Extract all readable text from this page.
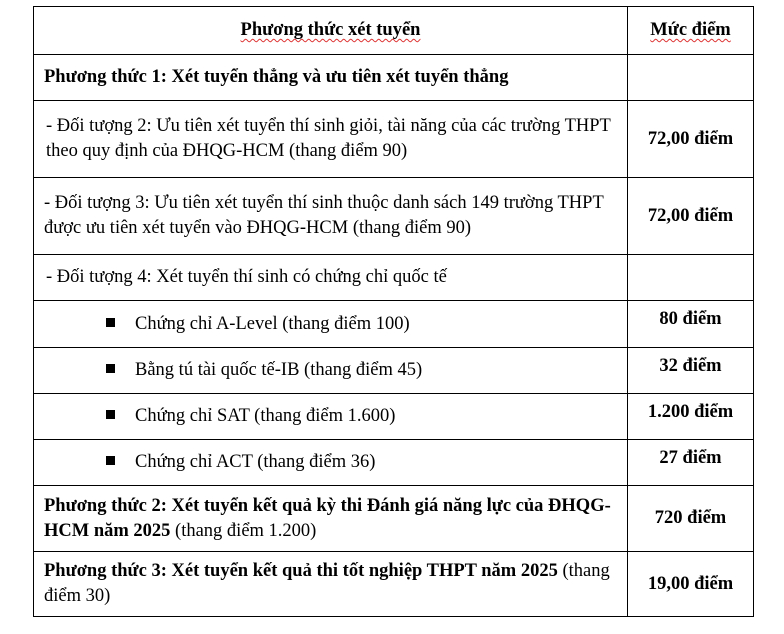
Phương thức xét tuyển	Mức điểm
Phương thức 1: Xét tuyển thẳng và ưu tiên xét tuyển thẳng	
- Đối tượng 2: Ưu tiên xét tuyển thí sinh giỏi, tài năng của các trường THPT theo quy định của ĐHQG-HCM (thang điểm 90)	72,00 điểm
- Đối tượng 3: Ưu tiên xét tuyển thí sinh thuộc danh sách 149 trường THPT được ưu tiên xét tuyển vào ĐHQG-HCM (thang điểm 90)	72,00 điểm
- Đối tượng 4: Xét tuyển thí sinh có chứng chỉ quốc tế	
Chứng chỉ A-Level (thang điểm 100)	80 điểm
Bằng tú tài quốc tế-IB (thang điểm 45)	32 điểm
Chứng chỉ SAT (thang điểm 1.600)	1.200 điểm
Chứng chỉ ACT (thang điểm 36)	27 điểm
Phương thức 2: Xét tuyển kết quả kỳ thi Đánh giá năng lực của ĐHQG-HCM năm 2025 (thang điểm 1.200)	720 điểm
Phương thức 3: Xét tuyển kết quả thi tốt nghiệp THPT năm 2025 (thang điểm 30)	19,00 điểm
